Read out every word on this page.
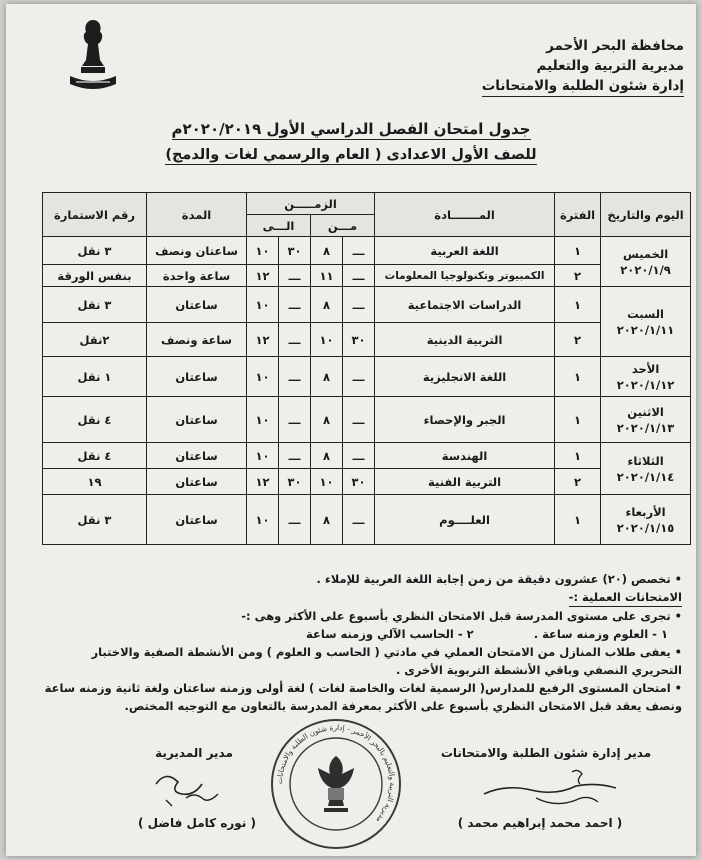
محافظة البحر الأحمر
مديرية التربية والتعليم
إدارة شئون الطلبة والامتحانات
جدول امتحان الفصل الدراسي الأول ٢٠٢٠/٢٠١٩م
للصف الأول الاعدادى ( العام والرسمي لغات والدمج)
اليوم والتاريخ	الفترة	المـــــــادة	الزمـــــن				المدة	رقم الاستمارة
			مـــن		الـــى			

الخميس
٢٠٢٠/١/٩	١	اللغة العربية	ـــ	٨	٣٠	١٠	ساعتان ونصف	٣ نقل
	٢	الكمبيوتر وتكنولوجيا المعلومات	ـــ	١١	ـــ	١٢	ساعة واحدة	بنفس الورقة

السبت
٢٠٢٠/١/١١	١	الدراسات الاجتماعية	ـــ	٨	ـــ	١٠	ساعتان	٣ نقل
	٢	التربية الدينية	٣٠	١٠	ـــ	١٢	ساعة ونصف	٢نقل

الأحد
٢٠٢٠/١/١٢	١	اللغة الانجليزية	ـــ	٨	ـــ	١٠	ساعتان	١ نقل

الاثنين
٢٠٢٠/١/١٣	١	الجبر والإحصاء	ـــ	٨	ـــ	١٠	ساعتان	٤ نقل

الثلاثاء
٢٠٢٠/١/١٤	١	الهندسة	ـــ	٨	ـــ	١٠	ساعتان	٤ نقل
	٢	التربية الفنية	٣٠	١٠	٣٠	١٢	ساعتان	١٩

الأربعاء
٢٠٢٠/١/١٥	١	العلــــوم	ـــ	٨	ـــ	١٠	ساعتان	٣ نقل
• تخصص (٢٠) عشرون دقيقة من زمن إجابة اللغة العربية للإملاء .
الامتحانات العملية :-
• تجرى على مستوى المدرسة قبل الامتحان النظري بأسبوع على الأكثر وهى :-
١ - العلوم وزمنه ساعة .
٢ - الحاسب الآلي وزمنه ساعة
• يعفى طلاب المنازل من الامتحان العملي في مادتي ( الحاسب و العلوم ) ومن الأنشطة الصفية والاختبار التحريري النصفي وباقي الأنشطة التربوية الأخرى .
• امتحان المستوى الرفيع للمدارس( الرسمية لغات والخاصة لغات ) لغة أولى وزمنه ساعتان ولغة ثانية وزمنه ساعة ونصف يعقد قبل الامتحان النظري بأسبوع على الأكثر بمعرفة المدرسة بالتعاون مع التوجيه المختص.
مدير إدارة شئون الطلبة والامتحانات
( احمد محمد إبراهيم محمد )
مدير المديرية
( نوره كامل فاضل )
مديرية التربية والتعليم بالبحر الأحمر - إدارة شئون الطلبة والامتحانات
